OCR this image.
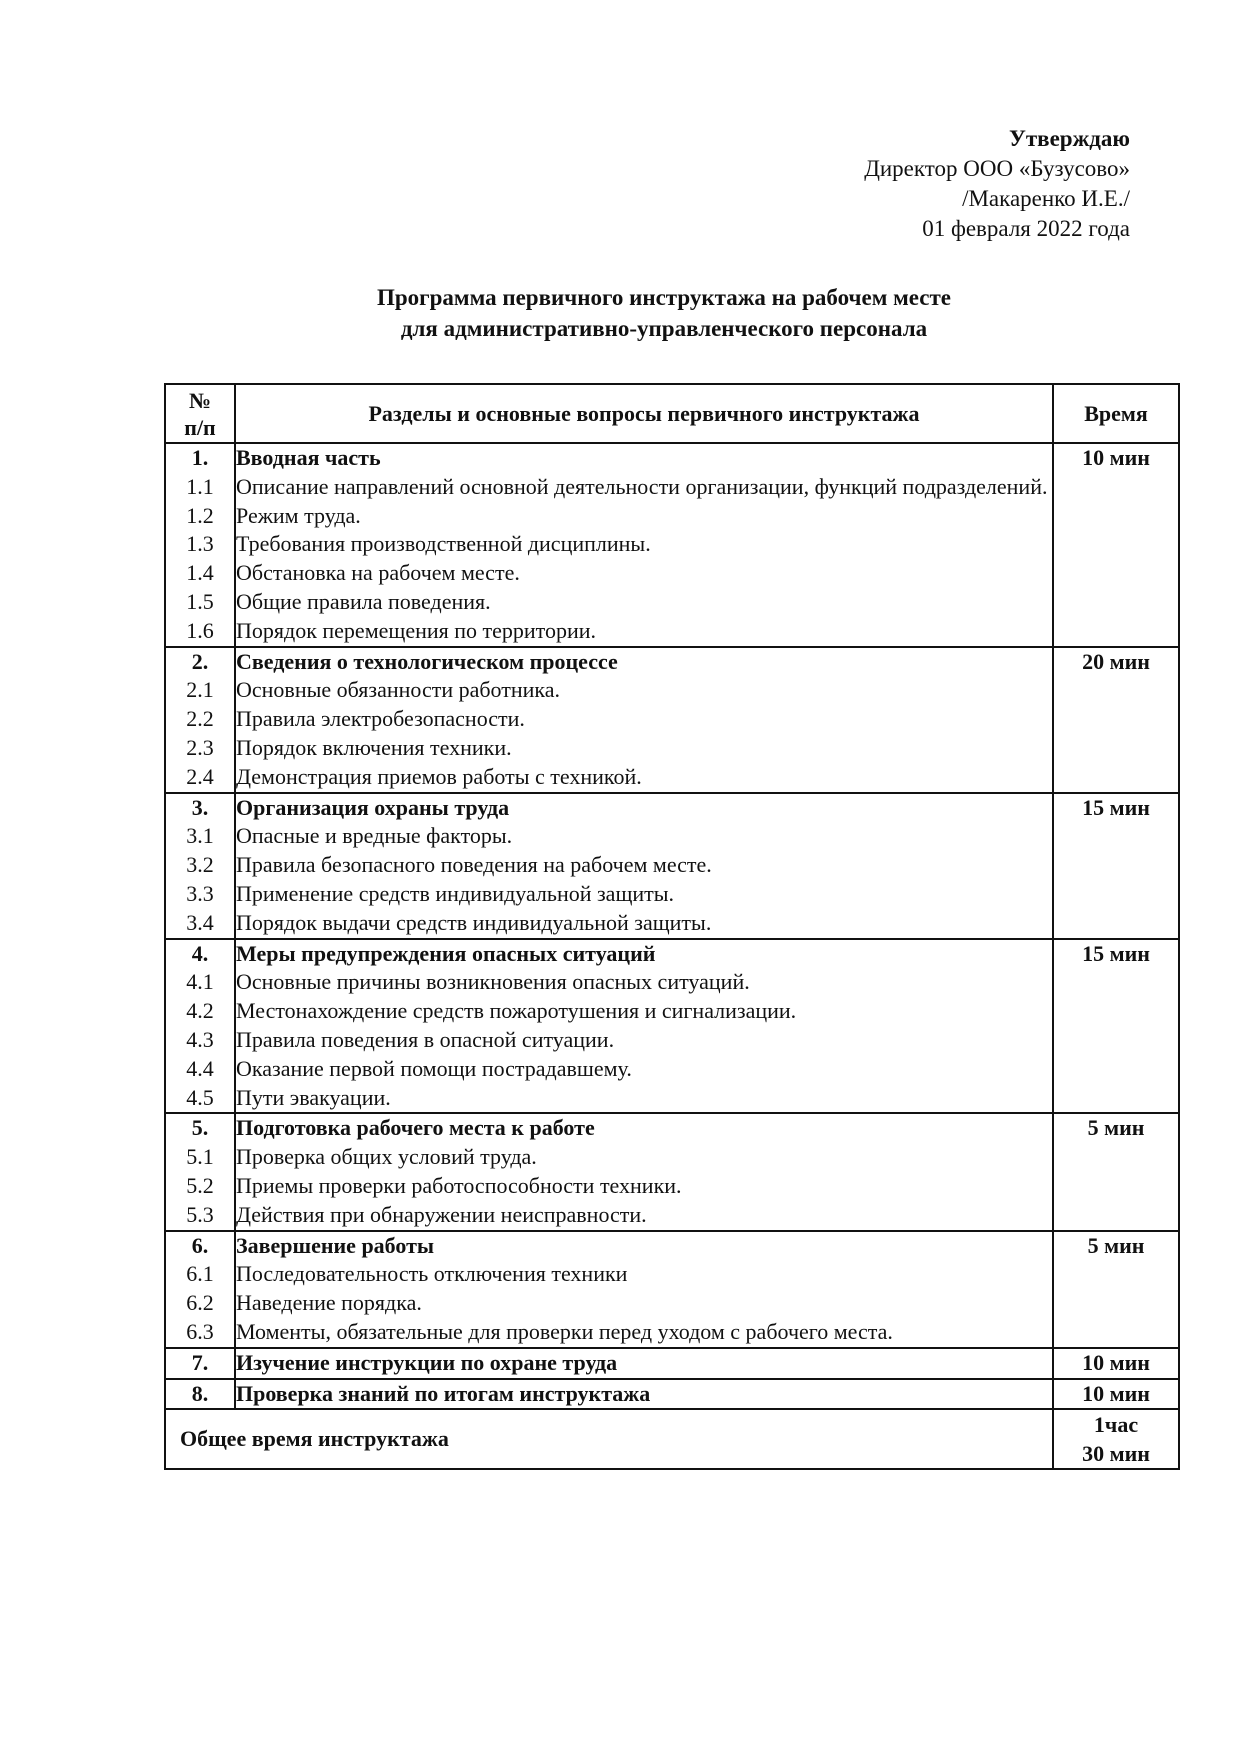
Утверждаю
Директор ООО «Бузусово»
/Макаренко И.Е./
01 февраля 2022 года
Программа первичного инструктажа на рабочем месте
для административно-управленческого персонала
№
п/п	Разделы и основные вопросы первичного инструктажа	Время
1.	Вводная часть	10 мин
1.1	Описание направлений основной деятельности организации, функций подразделений.	
1.2	Режим труда.	
1.3	Требования производственной дисциплины.	
1.4	Обстановка на рабочем месте.	
1.5	Общие правила поведения.	
1.6	Порядок перемещения по территории.	
2.	Сведения о технологическом процессе	20 мин
2.1	Основные обязанности работника.	
2.2	Правила электробезопасности.	
2.3	Порядок включения техники.	
2.4	Демонстрация приемов работы с техникой.	
3.	Организация охраны труда	15 мин
3.1	Опасные и вредные факторы.	
3.2	Правила безопасного поведения на рабочем месте.	
3.3	Применение средств индивидуальной защиты.	
3.4	Порядок выдачи средств индивидуальной защиты.	
4.	Меры предупреждения опасных ситуаций	15 мин
4.1	Основные причины возникновения опасных ситуаций.	
4.2	Местонахождение средств пожаротушения и сигнализации.	
4.3	Правила поведения в опасной ситуации.	
4.4	Оказание первой помощи пострадавшему.	
4.5	Пути эвакуации.	
5.	Подготовка рабочего места к работе	5 мин
5.1	Проверка общих условий труда.	
5.2	Приемы проверки работоспособности техники.	
5.3	Действия при обнаружении неисправности.	
6.	Завершение работы	5 мин
6.1	Последовательность отключения техники	
6.2	Наведение порядка.	
6.3	Моменты, обязательные для проверки перед уходом с рабочего места.	
7.	Изучение инструкции по охране труда	10 мин
8.	Проверка знаний по итогам инструктажа	10 мин
Общее время инструктажа		1час
30 мин
